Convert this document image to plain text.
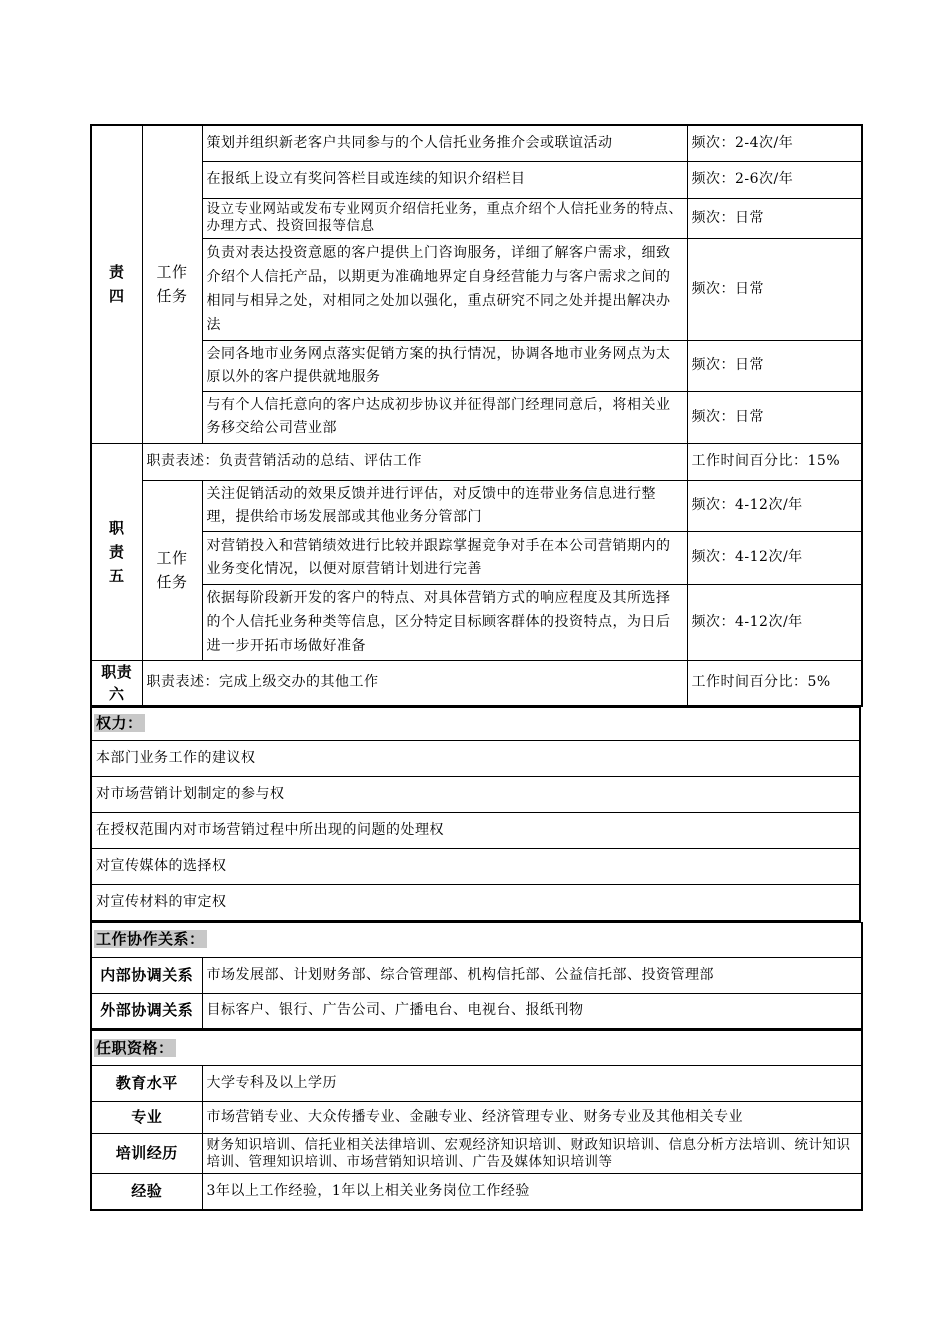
责
四	工作
任务	策划并组织新老客户共同参与的个人信托业务推介会或联谊活动	频次：2-4次/年
		在报纸上设立有奖问答栏目或连续的知识介绍栏目	频次：2-6次/年
		设立专业网站或发布专业网页介绍信托业务，重点介绍个人信托业务的特点、办理方式、投资回报等信息	频次：日常
		负责对表达投资意愿的客户提供上门咨询服务，详细了解客户需求，细致介绍个人信托产品，以期更为准确地界定自身经营能力与客户需求之间的相同与相异之处，对相同之处加以强化，重点研究不同之处并提出解决办法	频次：日常
		会同各地市业务网点落实促销方案的执行情况，协调各地市业务网点为太原以外的客户提供就地服务	频次：日常
		与有个人信托意向的客户达成初步协议并征得部门经理同意后，将相关业务移交给公司营业部	频次：日常
职
责
五	职责表述：负责营销活动的总结、评估工作		工作时间百分比：15%
	工作
任务	关注促销活动的效果反馈并进行评估，对反馈中的连带业务信息进行整理，提供给市场发展部或其他业务分管部门	频次：4-12次/年
		对营销投入和营销绩效进行比较并跟踪掌握竞争对手在本公司营销期内的业务变化情况，以便对原营销计划进行完善	频次：4-12次/年
		依据每阶段新开发的客户的特点、对具体营销方式的响应程度及其所选择的个人信托业务种类等信息，区分特定目标顾客群体的投资特点，为日后进一步开拓市场做好准备	频次：4-12次/年
职责
六	职责表述：完成上级交办的其他工作		工作时间百分比：5%
权力：
本部门业务工作的建议权
对市场营销计划制定的参与权
在授权范围内对市场营销过程中所出现的问题的处理权
对宣传媒体的选择权
对宣传材料的审定权
工作协作关系：	
内部协调关系	市场发展部、计划财务部、综合管理部、机构信托部、公益信托部、投资管理部
外部协调关系	目标客户、银行、广告公司、广播电台、电视台、报纸刊物
任职资格：	
教育水平	大学专科及以上学历
专业	市场营销专业、大众传播专业、金融专业、经济管理专业、财务专业及其他相关专业
培训经历	财务知识培训、信托业相关法律培训、宏观经济知识培训、财政知识培训、信息分析方法培训、统计知识培训、管理知识培训、市场营销知识培训、广告及媒体知识培训等
经验	3年以上工作经验，1年以上相关业务岗位工作经验
